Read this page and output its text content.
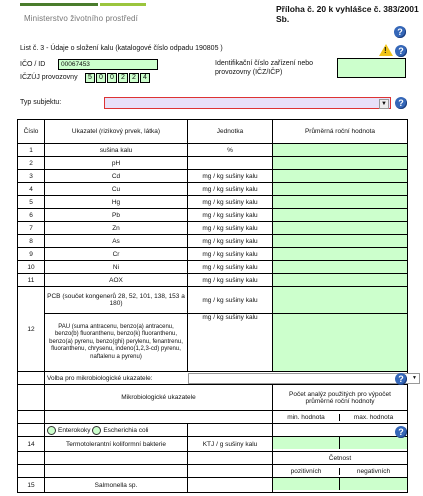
Ministerstvo životního prostředí
Příloha č. 20 k vyhlášce č. 383/2001 Sb.
?
List č. 3 - Údaje o složení kalu (katalogové číslo odpadu 190805 )	!	?
IČO / ID	00067453
IČZÚJ provozovny	5	0	0	2	2	4
Identifikační číslo zařízení nebo provozovny (IČZ/IČP)
Typ subjektu:	▼	?
Číslo	Ukazatel (rizikový prvek, látka)	Jednotka	Průměrná roční hodnota
1	sušina kalu	%	
2	pH		
3	Cd	mg / kg sušiny kalu	
4	Cu	mg / kg sušiny kalu	
5	Hg	mg / kg sušiny kalu	
6	Pb	mg / kg sušiny kalu	
7	Zn	mg / kg sušiny kalu	
8	As	mg / kg sušiny kalu	
9	Cr	mg / kg sušiny kalu	
10	Ni	mg / kg sušiny kalu	
11	AOX	mg / kg sušiny kalu	
12	PCB (součet kongenerů 28, 52, 101, 138, 153 a 180)	mg / kg sušiny kalu	
	PAU (suma antracenu, benzo(a) antracenu, benzo(b) fluoranthenu, benzo(k) fluoranthenu, benzo(a) pyrenu, benzo(ghi) perylenu, fenantrenu, fluoranthenu, chrysenu, indeno(1,2,3-cd) pyrenu, naftalenu a pyrenu)	mg / kg sušiny kalu	
	Volba pro mikrobiologické ukazatele: ▼		

	Mikrobiologické ukazatele		Počet analýz použitých pro výpočet průměrné roční hodnoty
			min. hodnota max. hodnota
	Enterokoky Escherichia coli		
14	Termotolerantní koliformní bakterie	KTJ / g sušiny kalu	
			Četnost
			pozitivních negativních
15	Salmonella sp.		
?
?
